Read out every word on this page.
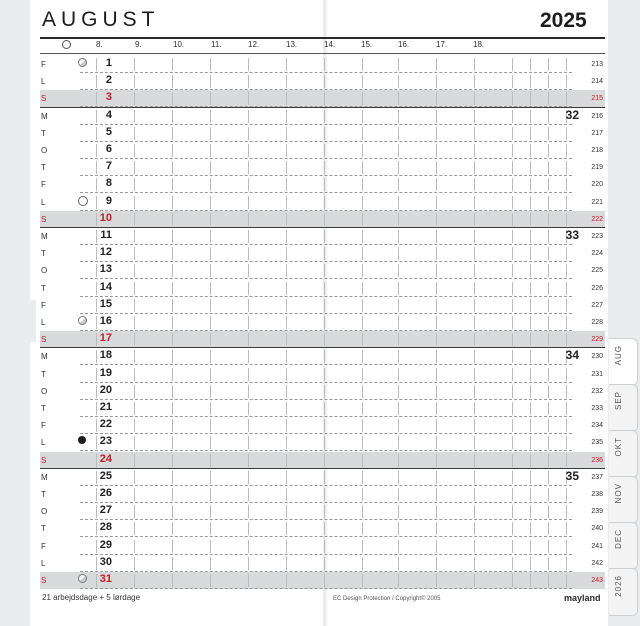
AUGUST	2025
8.	9.	10.	11.	12.	13.	14.	15.	16.	17.	18.
F	1	213
L	2	214
S	3	215
M	4	32 216
T	5	217
O	6	218
T	7	219
F	8	220
L	9	221
S	10	222
M	11	33 223
T	12	224
O	13	225
T	14	226
F	15	227
L	16	228
S	17	229
M	18	34 230
T	19	231
O	20	232
T	21	233
F	22	234
L	23	235
S	24	236
M	25	35 237
T	26	238
O	27	239
T	28	240
F	29	241
L	30	242
S	31	243
21 arbejdsdage + 5 lørdage	EC Design Protection / Copyright© 2005	mayland
AUG
SEP
OKT
NOV
DEC
2026
